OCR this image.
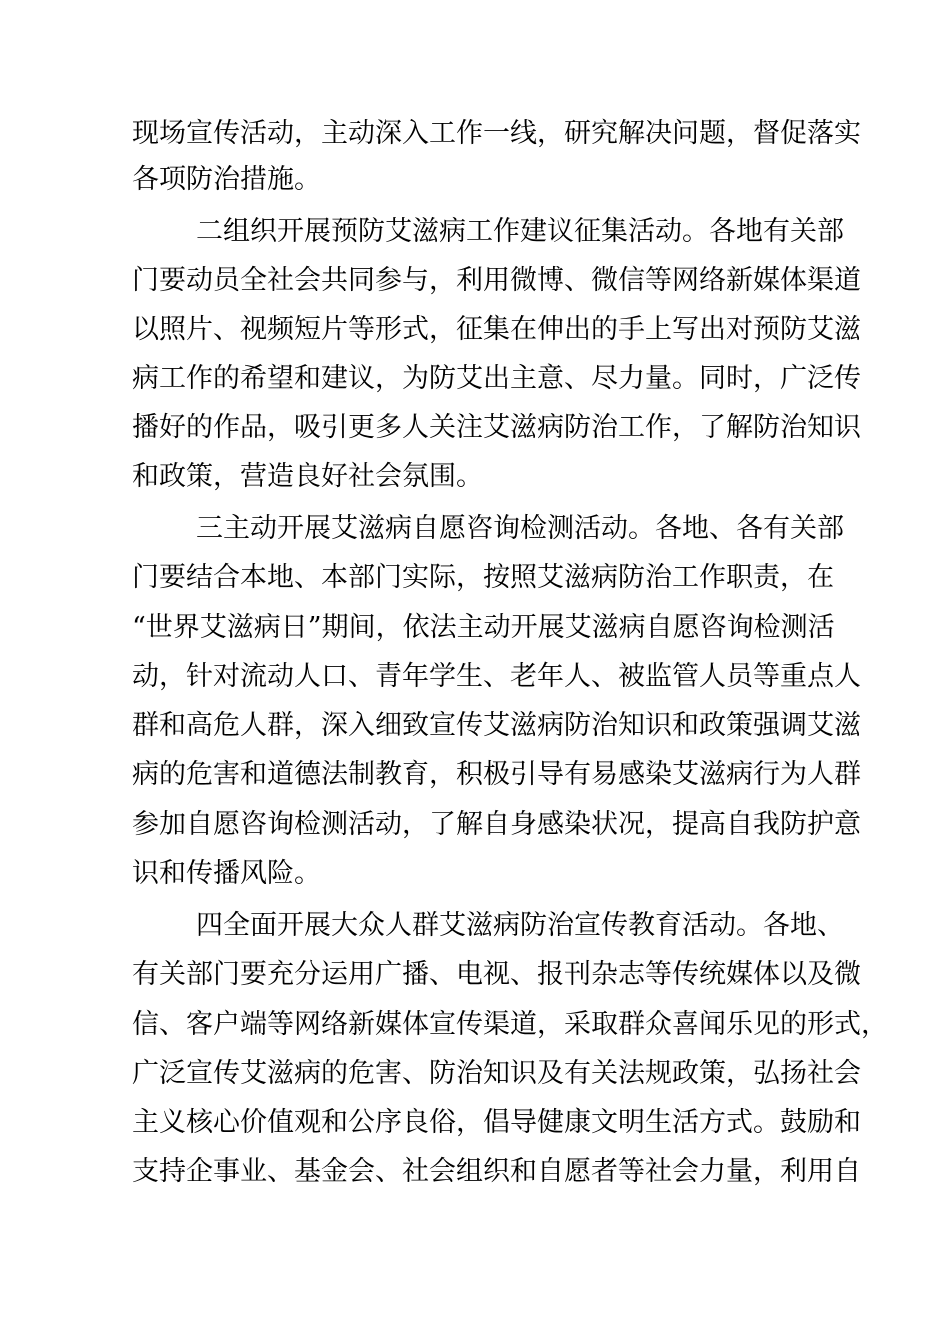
现场宣传活动，主动深入工作一线，研究解决问题，督促落实

各项防治措施。

二组织开展预防艾滋病工作建议征集活动。各地有关部

门要动员全社会共同参与，利用微博、微信等网络新媒体渠道

以照片、视频短片等形式，征集在伸出的手上写出对预防艾滋

病工作的希望和建议，为防艾出主意、尽力量。同时，广泛传

播好的作品，吸引更多人关注艾滋病防治工作，了解防治知识

和政策，营造良好社会氛围。

三主动开展艾滋病自愿咨询检测活动。各地、各有关部

门要结合本地、本部门实际，按照艾滋病防治工作职责，在

“世界艾滋病日”期间，依法主动开展艾滋病自愿咨询检测活

动，针对流动人口、青年学生、老年人、被监管人员等重点人

群和高危人群，深入细致宣传艾滋病防治知识和政策强调艾滋

病的危害和道德法制教育，积极引导有易感染艾滋病行为人群

参加自愿咨询检测活动，了解自身感染状况，提高自我防护意

识和传播风险。

四全面开展大众人群艾滋病防治宣传教育活动。各地、

有关部门要充分运用广播、电视、报刊杂志等传统媒体以及微

信、客户端等网络新媒体宣传渠道，采取群众喜闻乐见的形式，

广泛宣传艾滋病的危害、防治知识及有关法规政策，弘扬社会

主义核心价值观和公序良俗，倡导健康文明生活方式。鼓励和

支持企事业、基金会、社会组织和自愿者等社会力量，利用自
